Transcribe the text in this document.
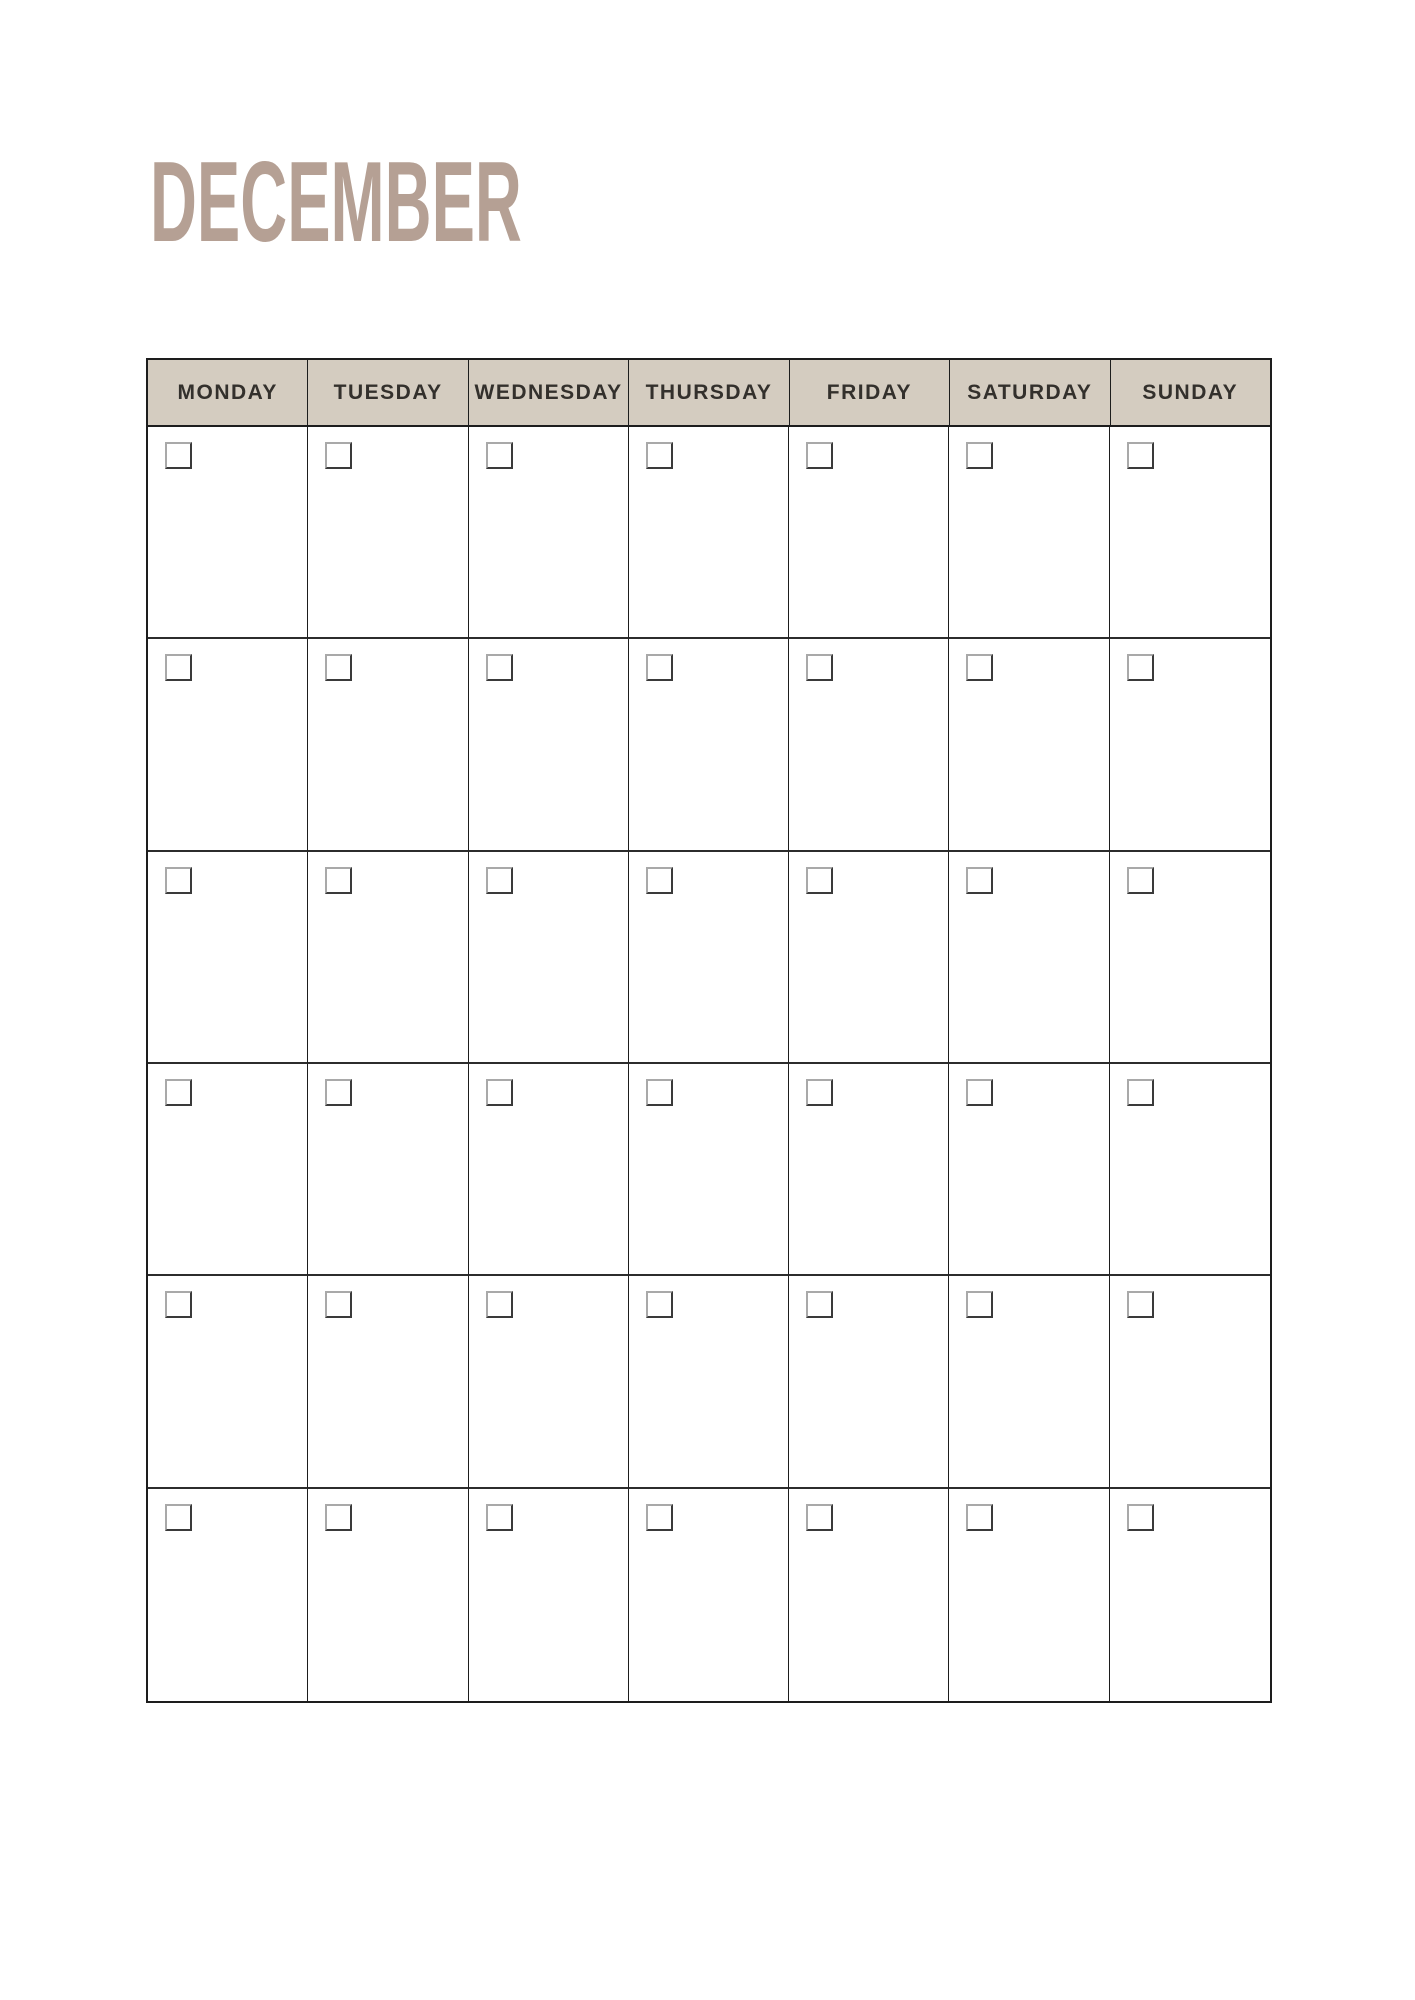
DECEMBER
MONDAY	TUESDAY	WEDNESDAY	THURSDAY	FRIDAY	SATURDAY	SUNDAY
